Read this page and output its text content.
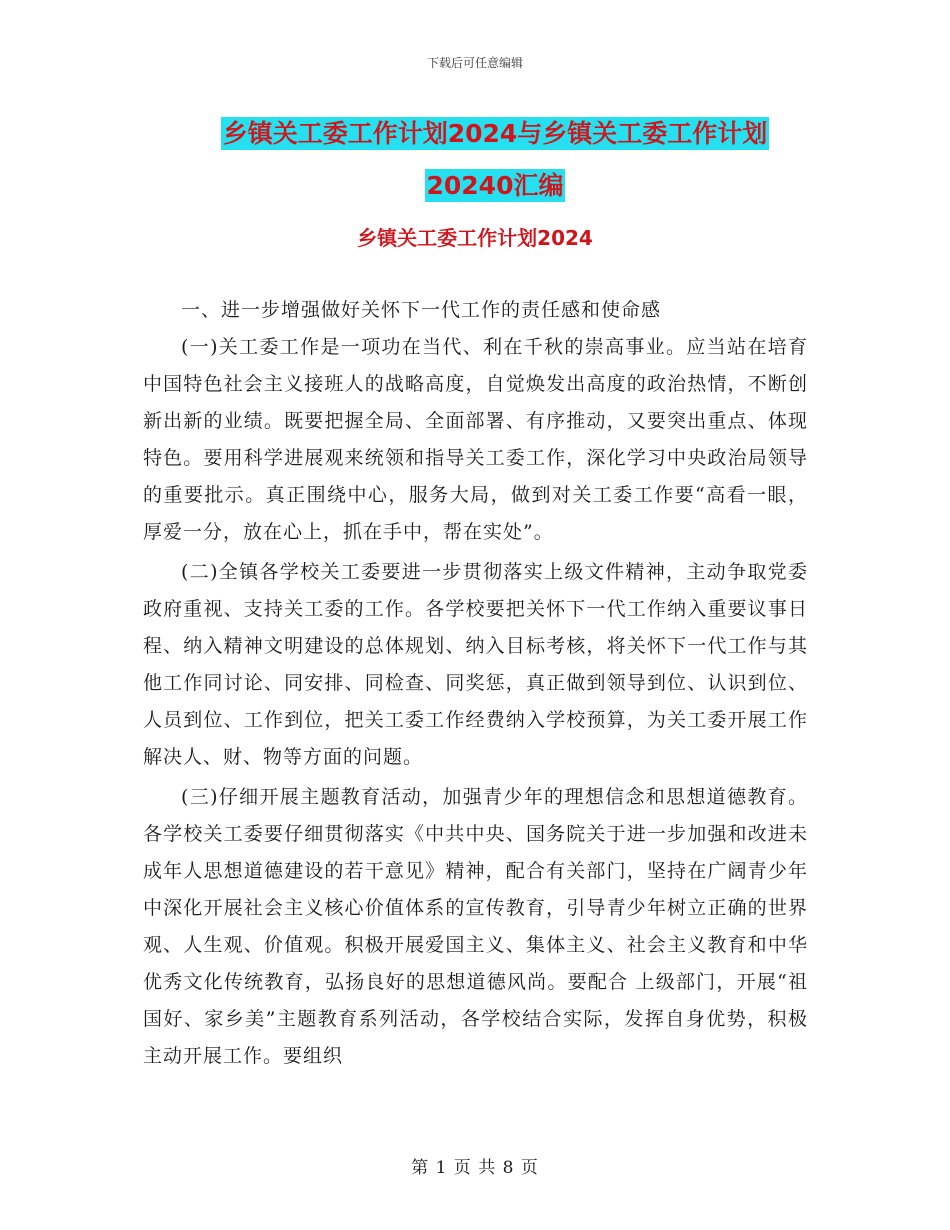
下载后可任意编辑
乡镇关工委工作计划2024与乡镇关工委工作计划
20240汇编
乡镇关工委工作计划2024

一、进一步增强做好关怀下一代工作的责任感和使命感

(一)关工委工作是一项功在当代、利在千秋的崇高事业。应当站在培育中国特色社会主义接班人的战略高度，自觉焕发出高度的政治热情，不断创新出新的业绩。既要把握全局、全面部署、有序推动，又要突出重点、体现特色。要用科学进展观来统领和指导关工委工作，深化学习中央政治局领导的重要批示。真正围绕中心，服务大局，做到对关工委工作要“高看一眼，厚爱一分，放在心上，抓在手中，帮在实处”。

(二)全镇各学校关工委要进一步贯彻落实上级文件精神，主动争取党委政府重视、支持关工委的工作。各学校要把关怀下一代工作纳入重要议事日程、纳入精神文明建设的总体规划、纳入目标考核，将关怀下一代工作与其他工作同讨论、同安排、同检查、同奖惩，真正做到领导到位、认识到位、人员到位、工作到位，把关工委工作经费纳入学校预算，为关工委开展工作解决人、财、物等方面的问题。

(三)仔细开展主题教育活动，加强青少年的理想信念和思想道德教育。各学校关工委要仔细贯彻落实《中共中央、国务院关于进一步加强和改进未成年人思想道德建设的若干意见》精神，配合有关部门，坚持在广阔青少年中深化开展社会主义核心价值体系的宣传教育，引导青少年树立正确的世界观、人生观、价值观。积极开展爱国主义、集体主义、社会主义教育和中华优秀文化传统教育，弘扬良好的思想道德风尚。要配合 上级部门，开展“祖国好、家乡美”主题教育系列活动，各学校结合实际，发挥自身优势，积极主动开展工作。要组织

第 1 页 共 8 页
